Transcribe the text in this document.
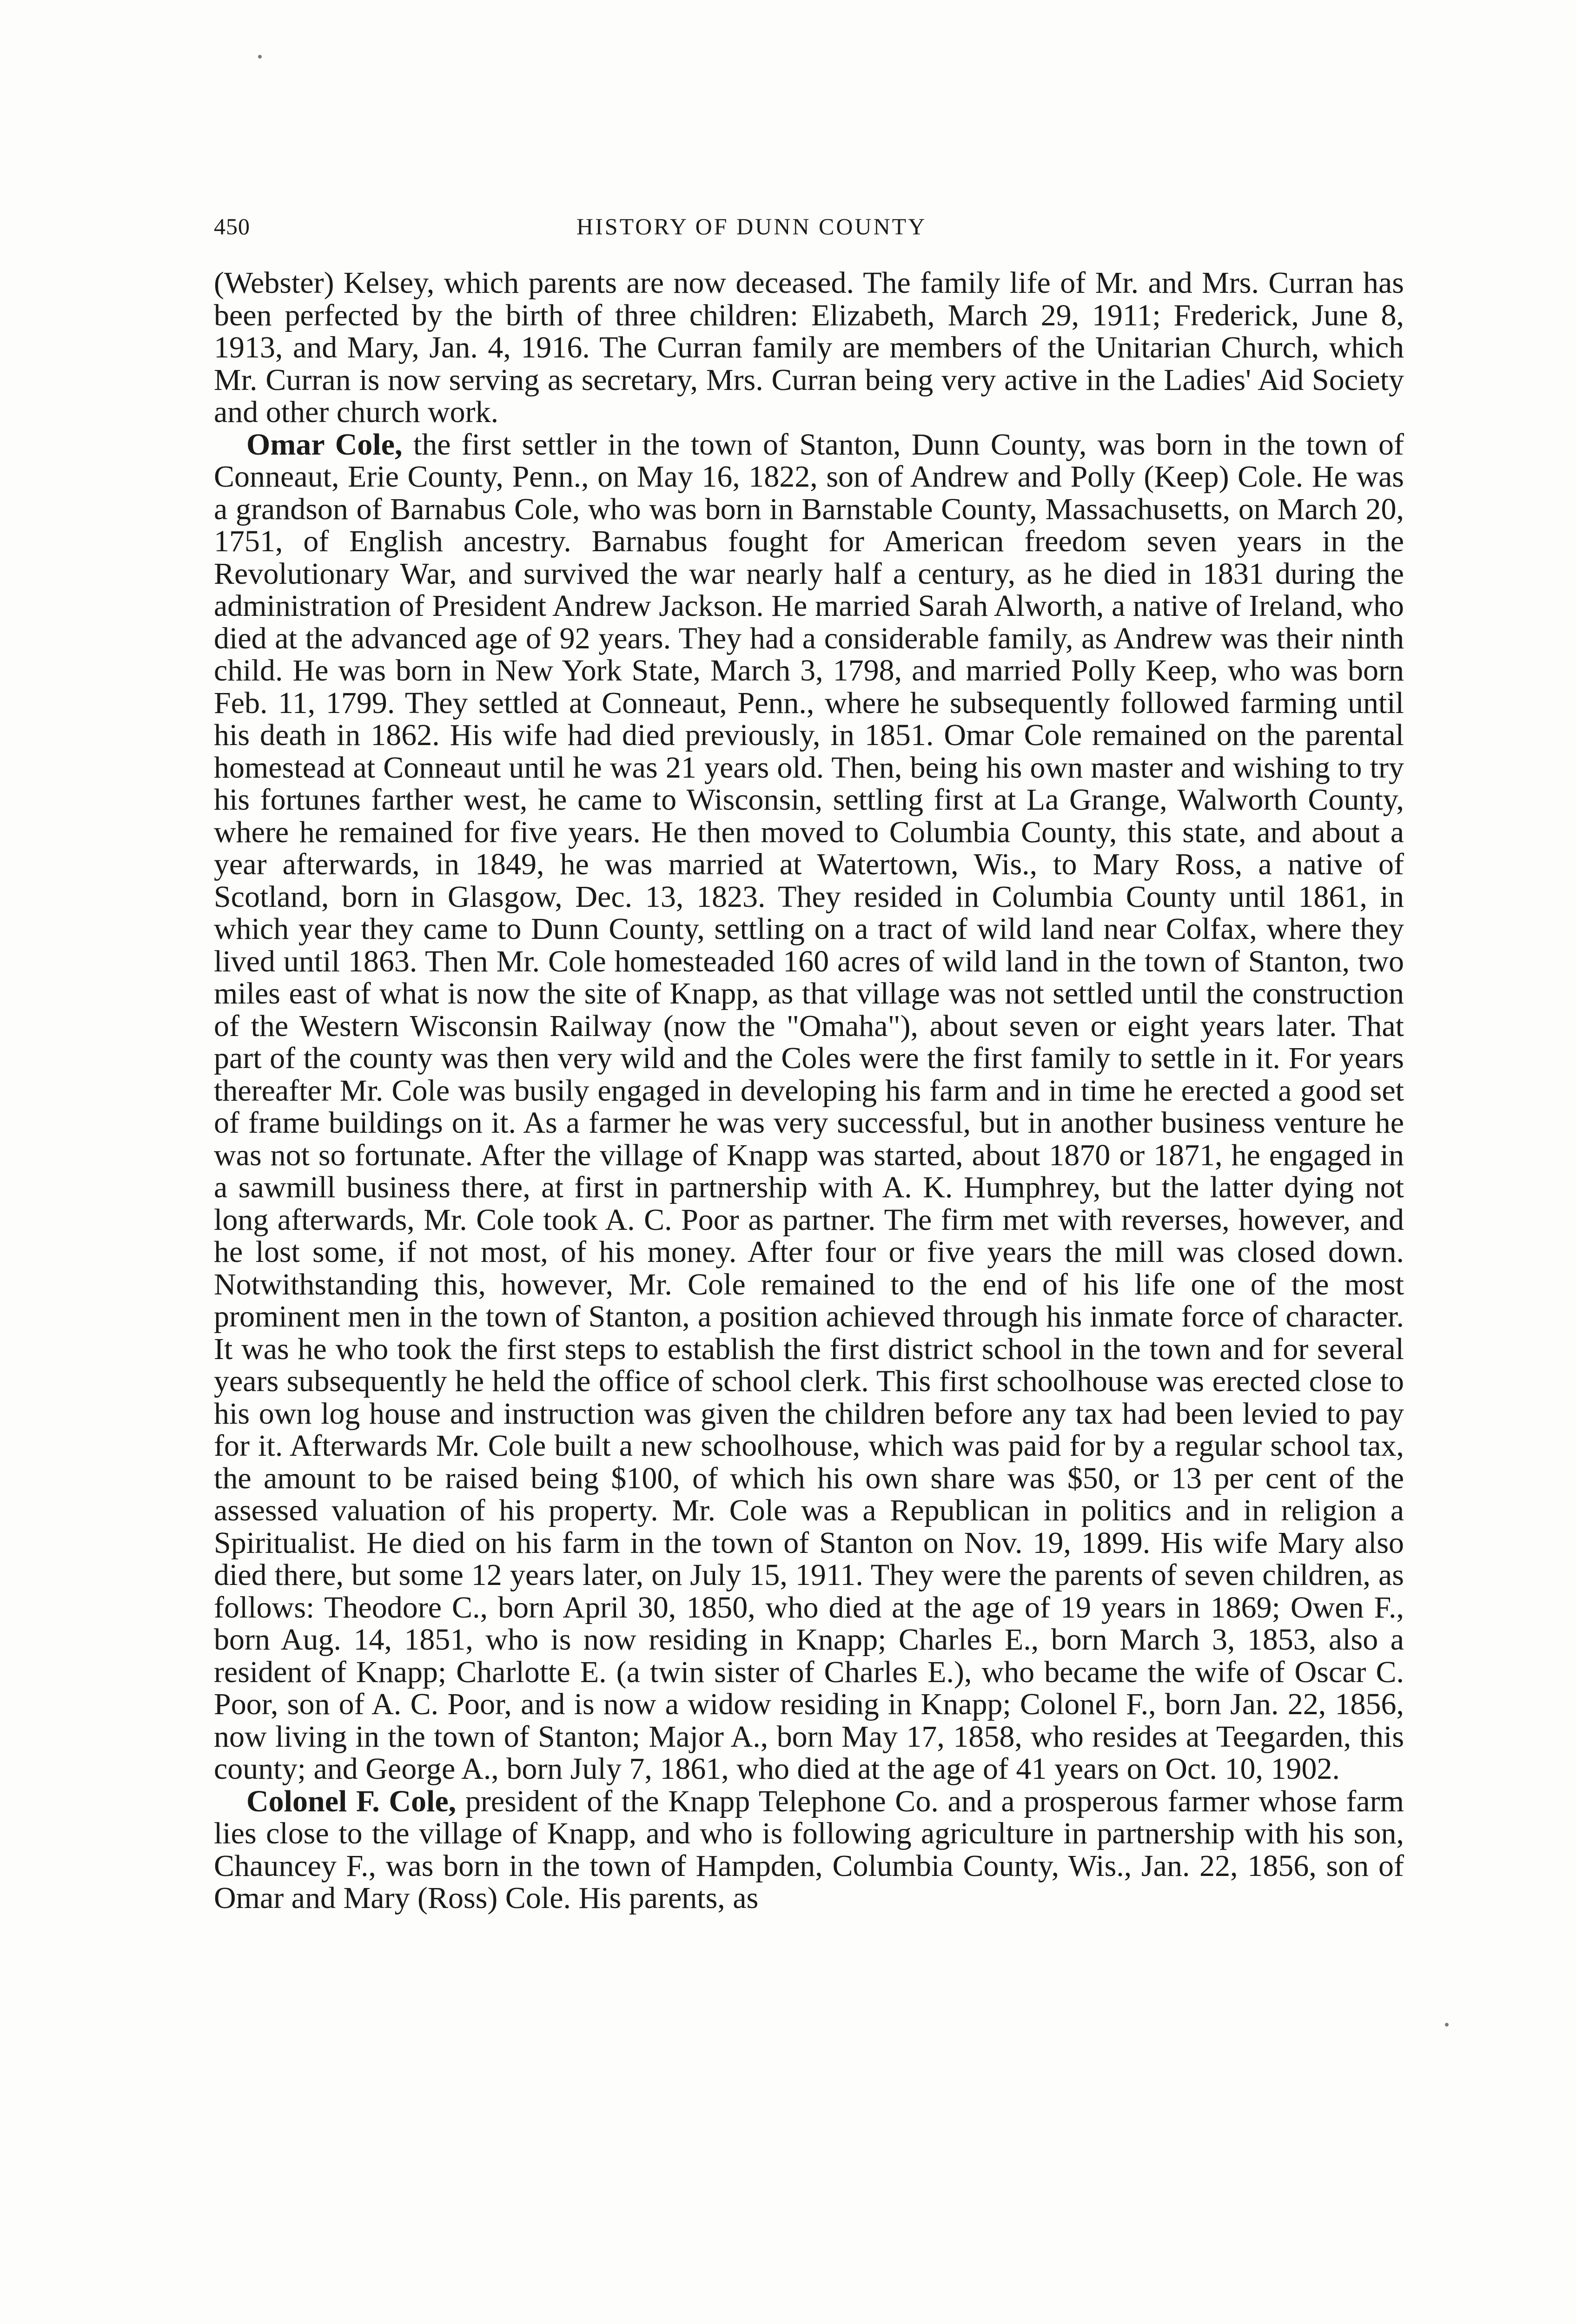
450	HISTORY OF DUNN COUNTY

(Webster) Kelsey, which parents are now deceased. The family life of Mr. and Mrs. Curran has been perfected by the birth of three children: Elizabeth, March 29, 1911; Frederick, June 8, 1913, and Mary, Jan. 4, 1916. The Curran family are members of the Unitarian Church, which Mr. Curran is now serving as secretary, Mrs. Curran being very active in the Ladies' Aid Society and other church work.

Omar Cole, the first settler in the town of Stanton, Dunn County, was born in the town of Conneaut, Erie County, Penn., on May 16, 1822, son of Andrew and Polly (Keep) Cole. He was a grandson of Barnabus Cole, who was born in Barnstable County, Massachusetts, on March 20, 1751, of English ancestry. Barnabus fought for American freedom seven years in the Revolutionary War, and survived the war nearly half a century, as he died in 1831 during the administration of President Andrew Jackson. He married Sarah Alworth, a native of Ireland, who died at the advanced age of 92 years. They had a considerable family, as Andrew was their ninth child. He was born in New York State, March 3, 1798, and married Polly Keep, who was born Feb. 11, 1799. They settled at Conneaut, Penn., where he subsequently followed farming until his death in 1862. His wife had died previously, in 1851. Omar Cole remained on the parental homestead at Conneaut until he was 21 years old. Then, being his own master and wishing to try his fortunes farther west, he came to Wisconsin, settling first at La Grange, Walworth County, where he remained for five years. He then moved to Columbia County, this state, and about a year afterwards, in 1849, he was married at Watertown, Wis., to Mary Ross, a native of Scotland, born in Glasgow, Dec. 13, 1823. They resided in Columbia County until 1861, in which year they came to Dunn County, settling on a tract of wild land near Colfax, where they lived until 1863. Then Mr. Cole homesteaded 160 acres of wild land in the town of Stanton, two miles east of what is now the site of Knapp, as that village was not settled until the construction of the Western Wisconsin Railway (now the "Omaha"), about seven or eight years later. That part of the county was then very wild and the Coles were the first family to settle in it. For years thereafter Mr. Cole was busily engaged in developing his farm and in time he erected a good set of frame buildings on it. As a farmer he was very successful, but in another business venture he was not so fortunate. After the village of Knapp was started, about 1870 or 1871, he engaged in a sawmill business there, at first in partnership with A. K. Humphrey, but the latter dying not long afterwards, Mr. Cole took A. C. Poor as partner. The firm met with reverses, however, and he lost some, if not most, of his money. After four or five years the mill was closed down. Notwithstanding this, however, Mr. Cole remained to the end of his life one of the most prominent men in the town of Stanton, a position achieved through his inmate force of character. It was he who took the first steps to establish the first district school in the town and for several years subsequently he held the office of school clerk. This first schoolhouse was erected close to his own log house and instruction was given the children before any tax had been levied to pay for it. Afterwards Mr. Cole built a new schoolhouse, which was paid for by a regular school tax, the amount to be raised being $100, of which his own share was $50, or 13 per cent of the assessed valuation of his property. Mr. Cole was a Republican in politics and in religion a Spiritualist. He died on his farm in the town of Stanton on Nov. 19, 1899. His wife Mary also died there, but some 12 years later, on July 15, 1911. They were the parents of seven children, as follows: Theodore C., born April 30, 1850, who died at the age of 19 years in 1869; Owen F., born Aug. 14, 1851, who is now residing in Knapp; Charles E., born March 3, 1853, also a resident of Knapp; Charlotte E. (a twin sister of Charles E.), who became the wife of Oscar C. Poor, son of A. C. Poor, and is now a widow residing in Knapp; Colonel F., born Jan. 22, 1856, now living in the town of Stanton; Major A., born May 17, 1858, who resides at Teegarden, this county; and George A., born July 7, 1861, who died at the age of 41 years on Oct. 10, 1902.

Colonel F. Cole, president of the Knapp Telephone Co. and a prosperous farmer whose farm lies close to the village of Knapp, and who is following agriculture in partnership with his son, Chauncey F., was born in the town of Hampden, Columbia County, Wis., Jan. 22, 1856, son of Omar and Mary (Ross) Cole. His parents, as
